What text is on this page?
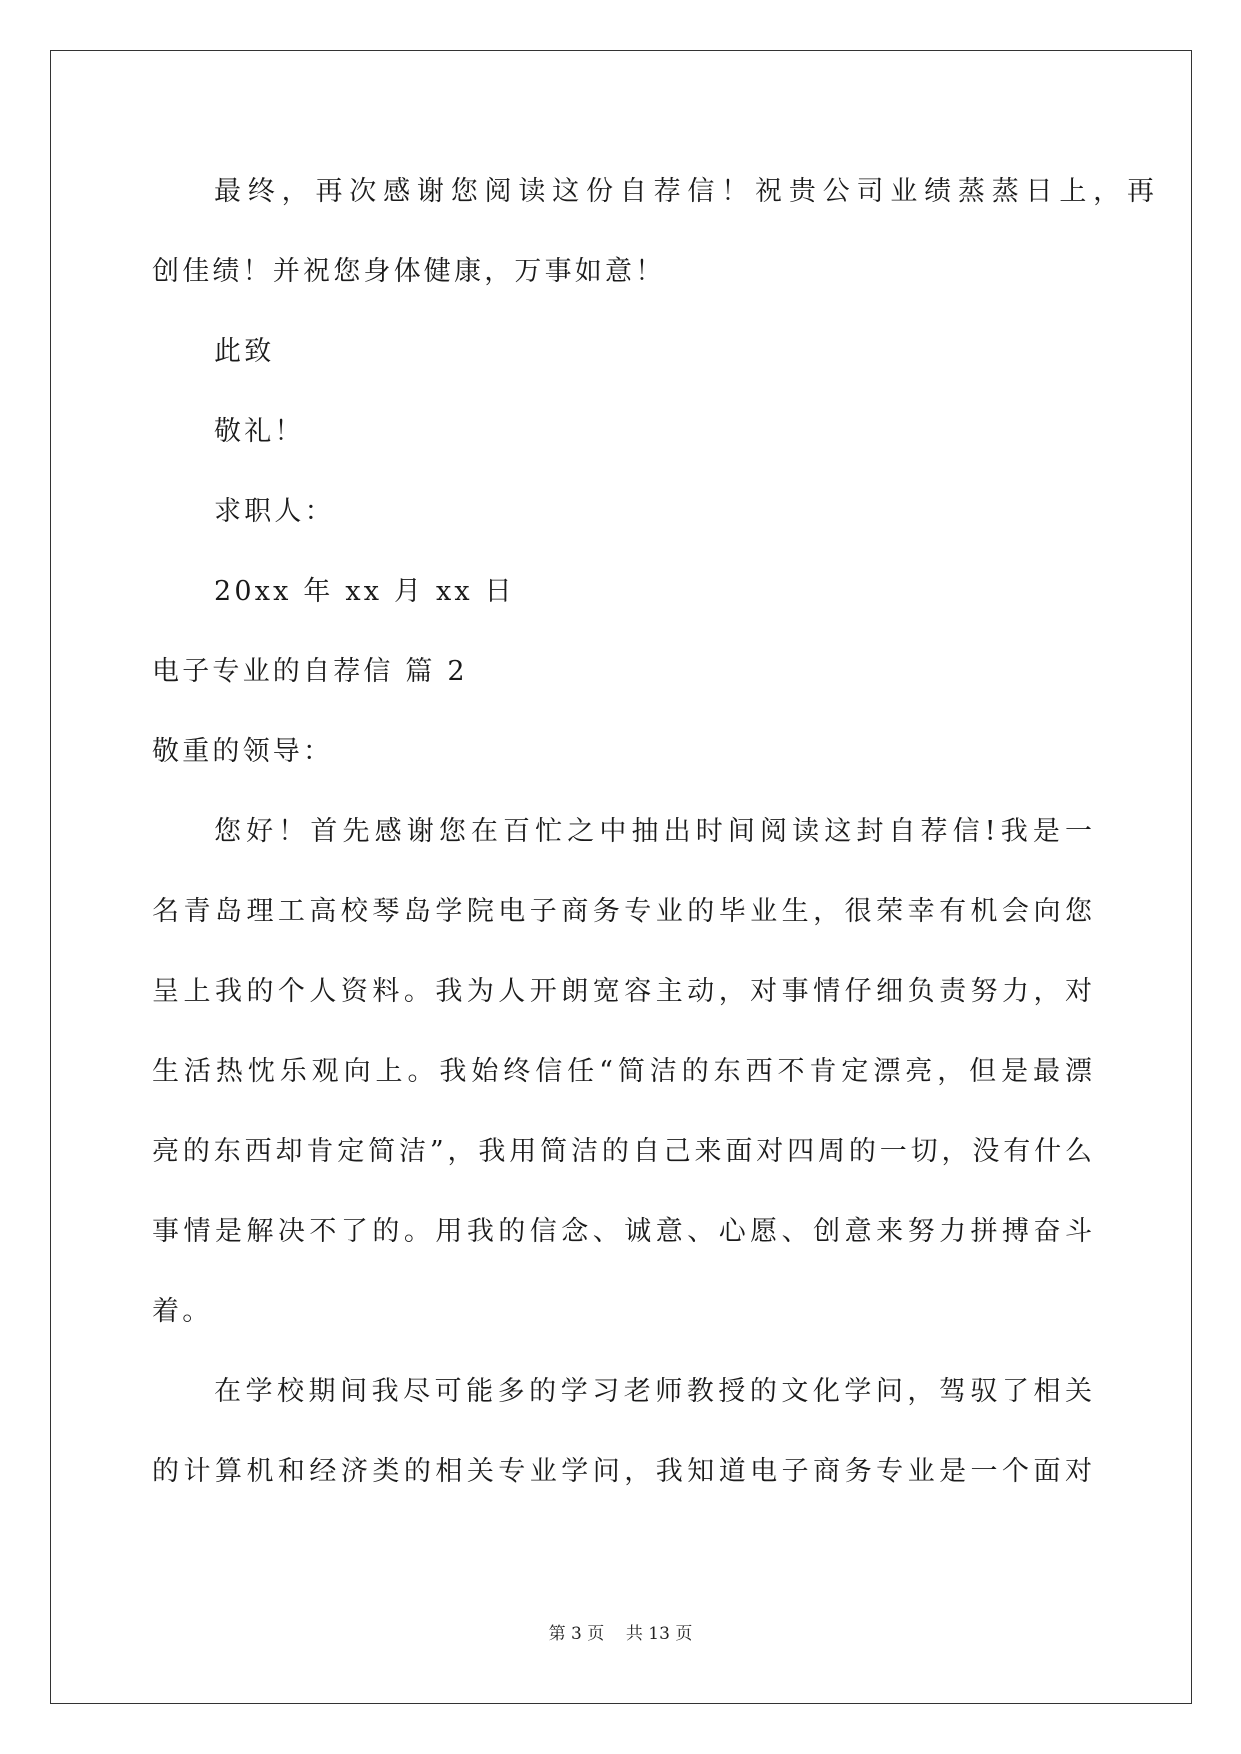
最终，再次感谢您阅读这份自荐信！祝贵公司业绩蒸蒸日上，再
创佳绩！并祝您身体健康，万事如意！
此致
敬礼！
求职人：
20xx 年 xx 月 xx 日
电子专业的自荐信 篇 2
敬重的领导：
您好！首先感谢您在百忙之中抽出时间阅读这封自荐信!我是一
名青岛理工高校琴岛学院电子商务专业的毕业生，很荣幸有机会向您
呈上我的个人资料。我为人开朗宽容主动，对事情仔细负责努力，对
生活热忱乐观向上。我始终信任“简洁的东西不肯定漂亮，但是最漂
亮的东西却肯定简洁”，我用简洁的自己来面对四周的一切，没有什么
事情是解决不了的。用我的信念、诚意、心愿、创意来努力拼搏奋斗
着。
在学校期间我尽可能多的学习老师教授的文化学问，驾驭了相关
的计算机和经济类的相关专业学问，我知道电子商务专业是一个面对
第 3 页    共 13 页
